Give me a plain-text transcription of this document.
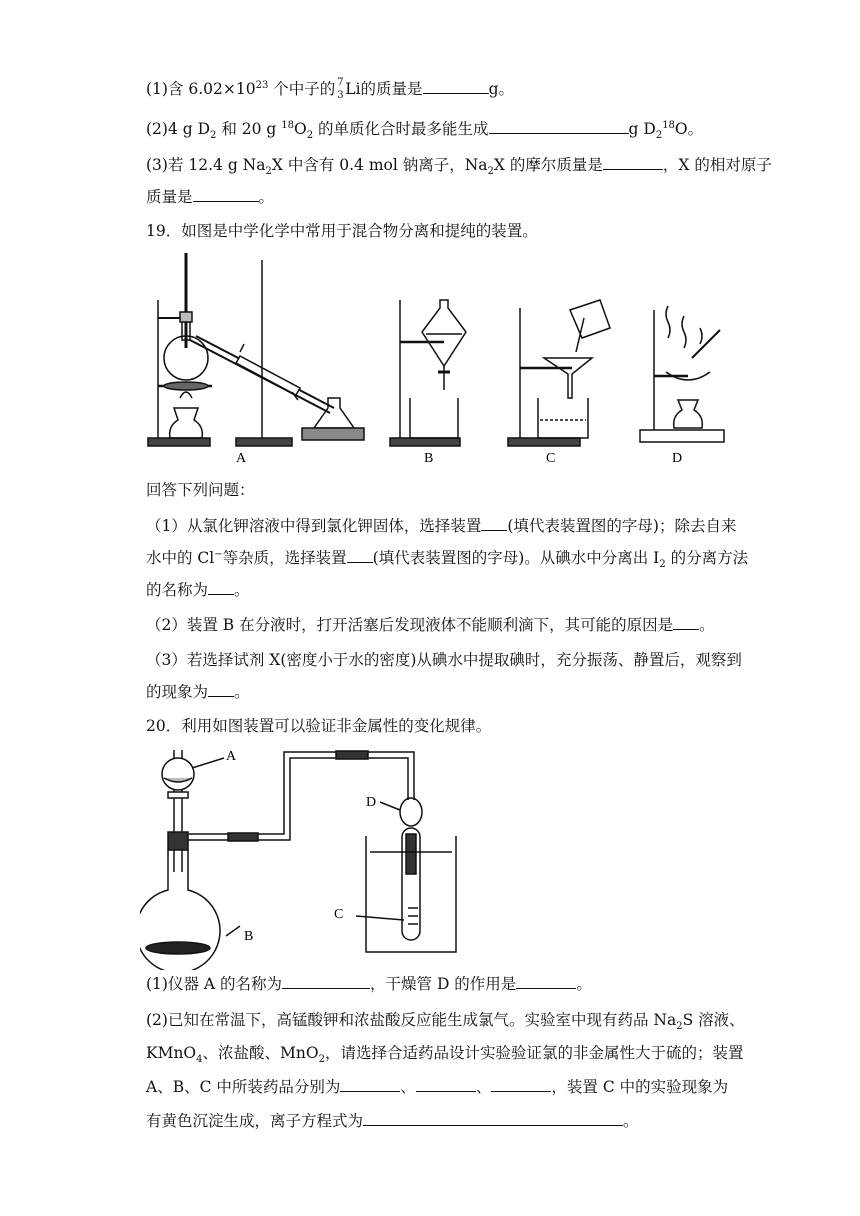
(1)含 $6.02\times 10^{23}$ 个中子的 7
3 Li的质量是	g。
(2)4 g $D_2$ 和 20 g $^{18}O_2$ 的单质化合时最多能生成	g $D_2^{18}O$。
(3)若 12.4 g $Na_2X$ 中含有 0.4 mol 钠离子，$Na_2X$ 的摩尔质量是	，X 的相对原子
质量是	。
19．如图是中学化学中常用于混合物分离和提纯的装置。
A	B	C	D
回答下列问题：
（1）从氯化钾溶液中得到氯化钾固体，选择装置 (填代表装置图的字母)；除去自来
水中的 Cl−等杂质，选择装置 (填代表装置图的字母)。从碘水中分离出 $I_2$ 的分离方法
的名称为 。
（2）装置 B 在分液时，打开活塞后发现液体不能顺利滴下，其可能的原因是 。
（3）若选择试剂 X(密度小于水的密度)从碘水中提取碘时，充分振荡、静置后，观察到
的现象为 。
20．利用如图装置可以验证非金属性的变化规律。
A
B
C
D
(1)仪器 A 的名称为	，干燥管 D 的作用是	。
(2)已知在常温下，高锰酸钾和浓盐酸反应能生成氯气。实验室中现有药品 $Na_2S$ 溶液、
KMnO$_4$、浓盐酸、MnO$_2$，请选择合适药品设计实验验证氯的非金属性大于硫的；装置
A、B、C 中所装药品分别为	、	、	，装置 C 中的实验现象为
有黄色沉淀生成，离子方程式为	。
